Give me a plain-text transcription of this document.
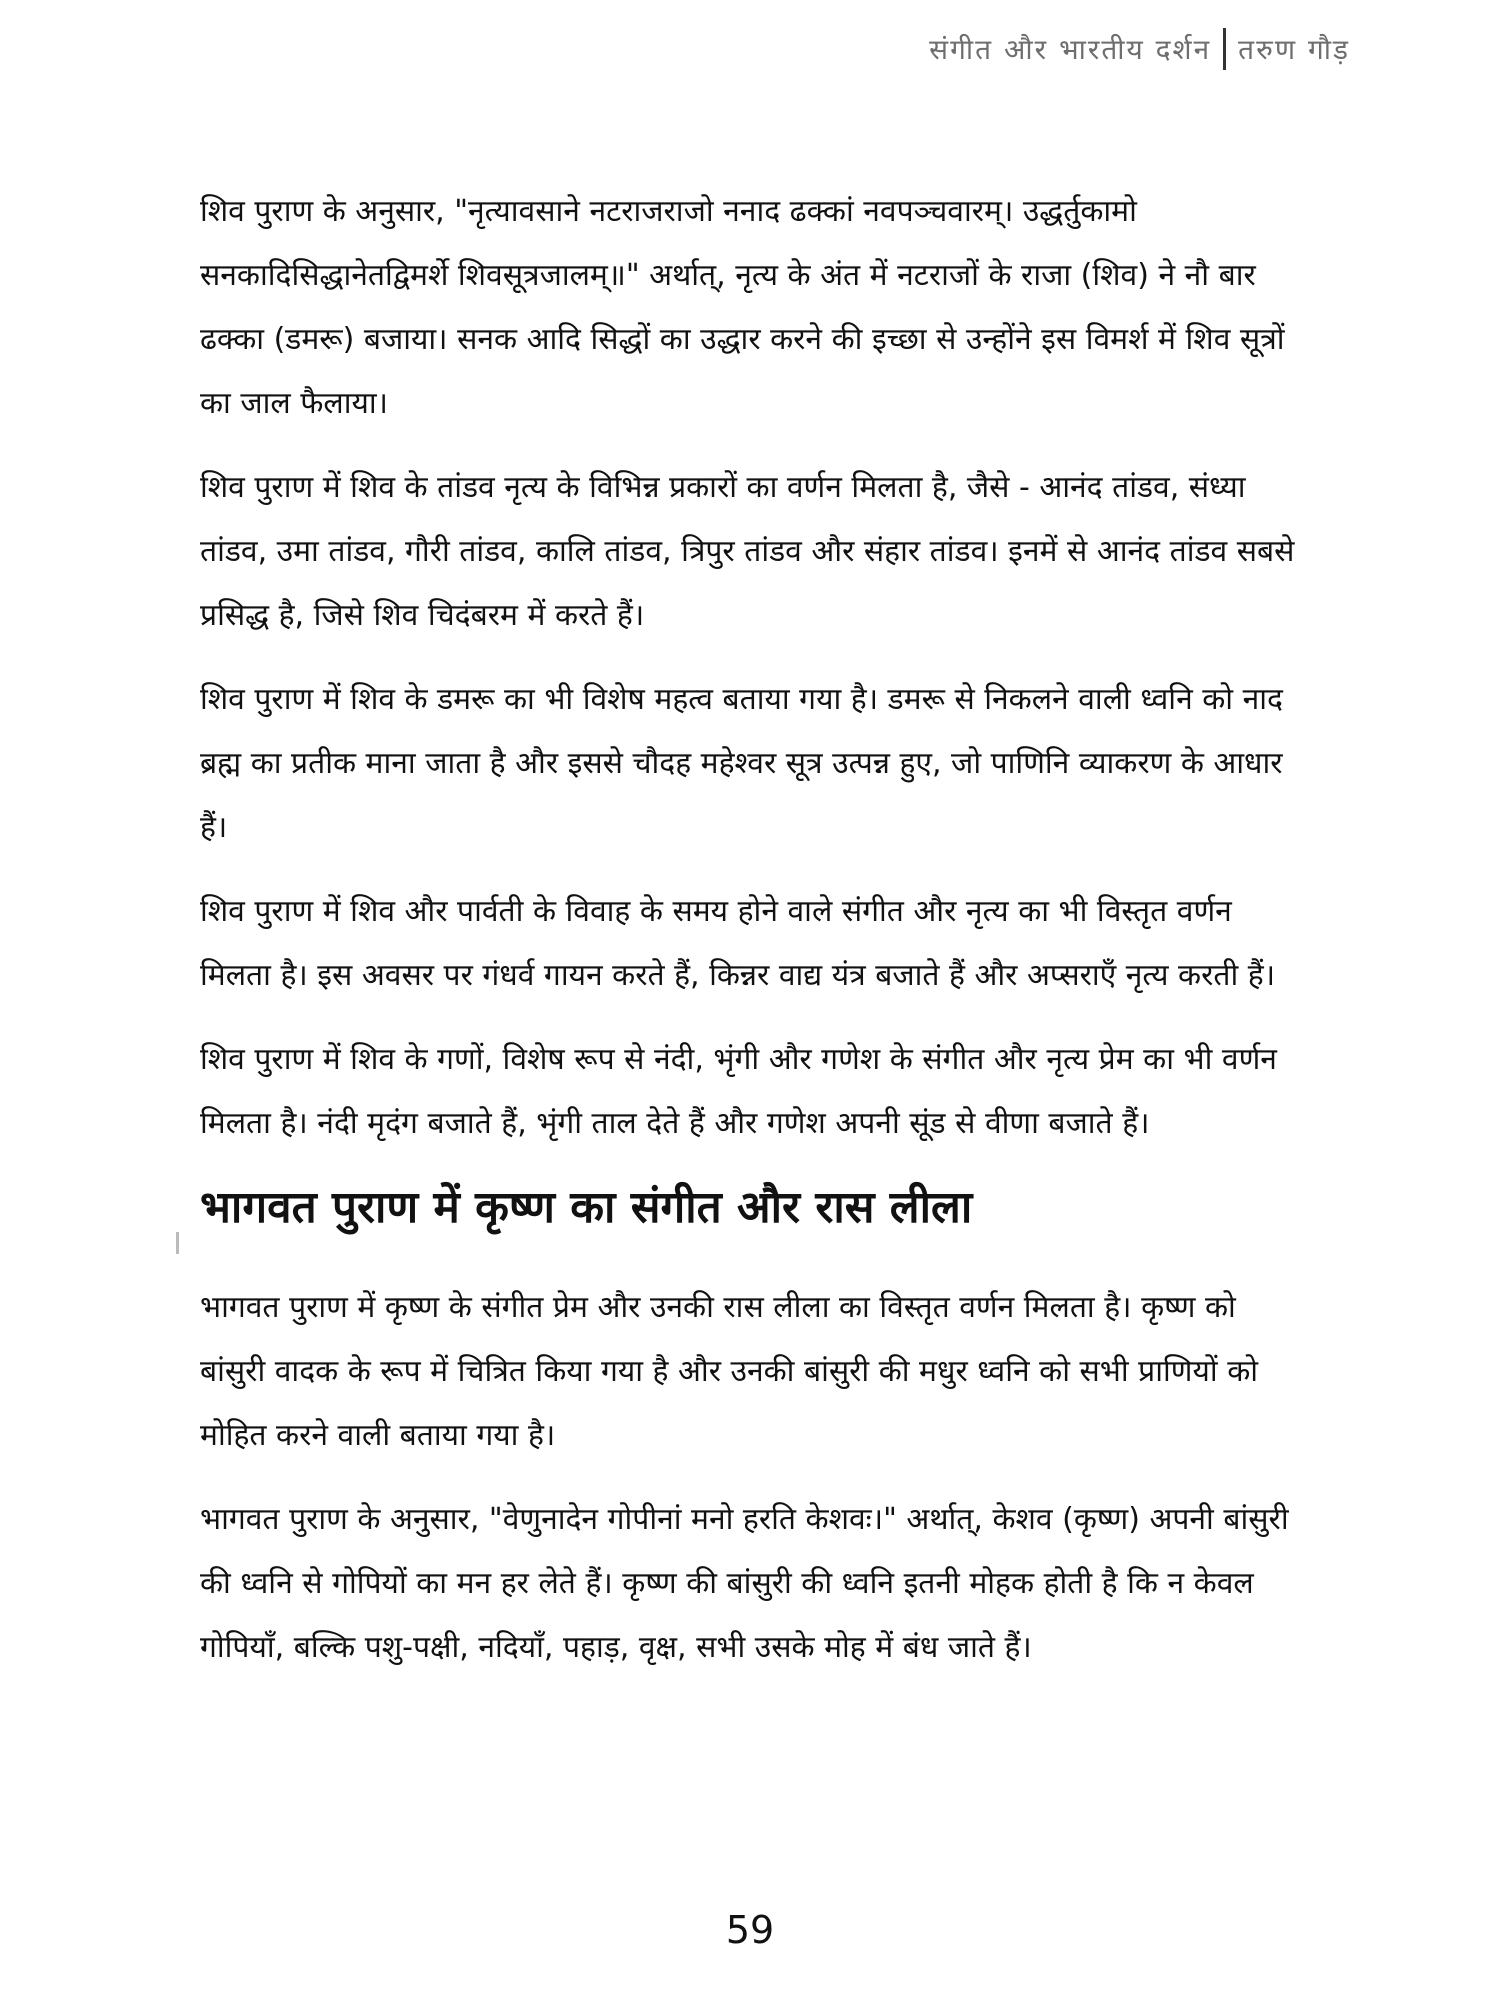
संगीत और भारतीय दर्शन तरुण गौड़

शिव पुराण के अनुसार, "नृत्यावसाने नटराजराजो ननाद ढक्कां नवपञ्चवारम्। उद्धर्तुकामो सनकादिसिद्धानेतद्विमर्शे शिवसूत्रजालम्॥" अर्थात्, नृत्य के अंत में नटराजों के राजा (शिव) ने नौ बार ढक्का (डमरू) बजाया। सनक आदि सिद्धों का उद्धार करने की इच्छा से उन्होंने इस विमर्श में शिव सूत्रों का जाल फैलाया।

शिव पुराण में शिव के तांडव नृत्य के विभिन्न प्रकारों का वर्णन मिलता है, जैसे - आनंद तांडव, संध्या तांडव, उमा तांडव, गौरी तांडव, कालि तांडव, त्रिपुर तांडव और संहार तांडव। इनमें से आनंद तांडव सबसे प्रसिद्ध है, जिसे शिव चिदंबरम में करते हैं।

शिव पुराण में शिव के डमरू का भी विशेष महत्व बताया गया है। डमरू से निकलने वाली ध्वनि को नाद ब्रह्म का प्रतीक माना जाता है और इससे चौदह महेश्वर सूत्र उत्पन्न हुए, जो पाणिनि व्याकरण के आधार हैं।

शिव पुराण में शिव और पार्वती के विवाह के समय होने वाले संगीत और नृत्य का भी विस्तृत वर्णन मिलता है। इस अवसर पर गंधर्व गायन करते हैं, किन्नर वाद्य यंत्र बजाते हैं और अप्सराएँ नृत्य करती हैं।

शिव पुराण में शिव के गणों, विशेष रूप से नंदी, भृंगी और गणेश के संगीत और नृत्य प्रेम का भी वर्णन मिलता है। नंदी मृदंग बजाते हैं, भृंगी ताल देते हैं और गणेश अपनी सूंड से वीणा बजाते हैं।

भागवत पुराण में कृष्ण का संगीत और रास लीला

भागवत पुराण में कृष्ण के संगीत प्रेम और उनकी रास लीला का विस्तृत वर्णन मिलता है। कृष्ण को बांसुरी वादक के रूप में चित्रित किया गया है और उनकी बांसुरी की मधुर ध्वनि को सभी प्राणियों को मोहित करने वाली बताया गया है।

भागवत पुराण के अनुसार, "वेणुनादेन गोपीनां मनो हरति केशवः।" अर्थात्, केशव (कृष्ण) अपनी बांसुरी की ध्वनि से गोपियों का मन हर लेते हैं। कृष्ण की बांसुरी की ध्वनि इतनी मोहक होती है कि न केवल गोपियाँ, बल्कि पशु-पक्षी, नदियाँ, पहाड़, वृक्ष, सभी उसके मोह में बंध जाते हैं।

59
